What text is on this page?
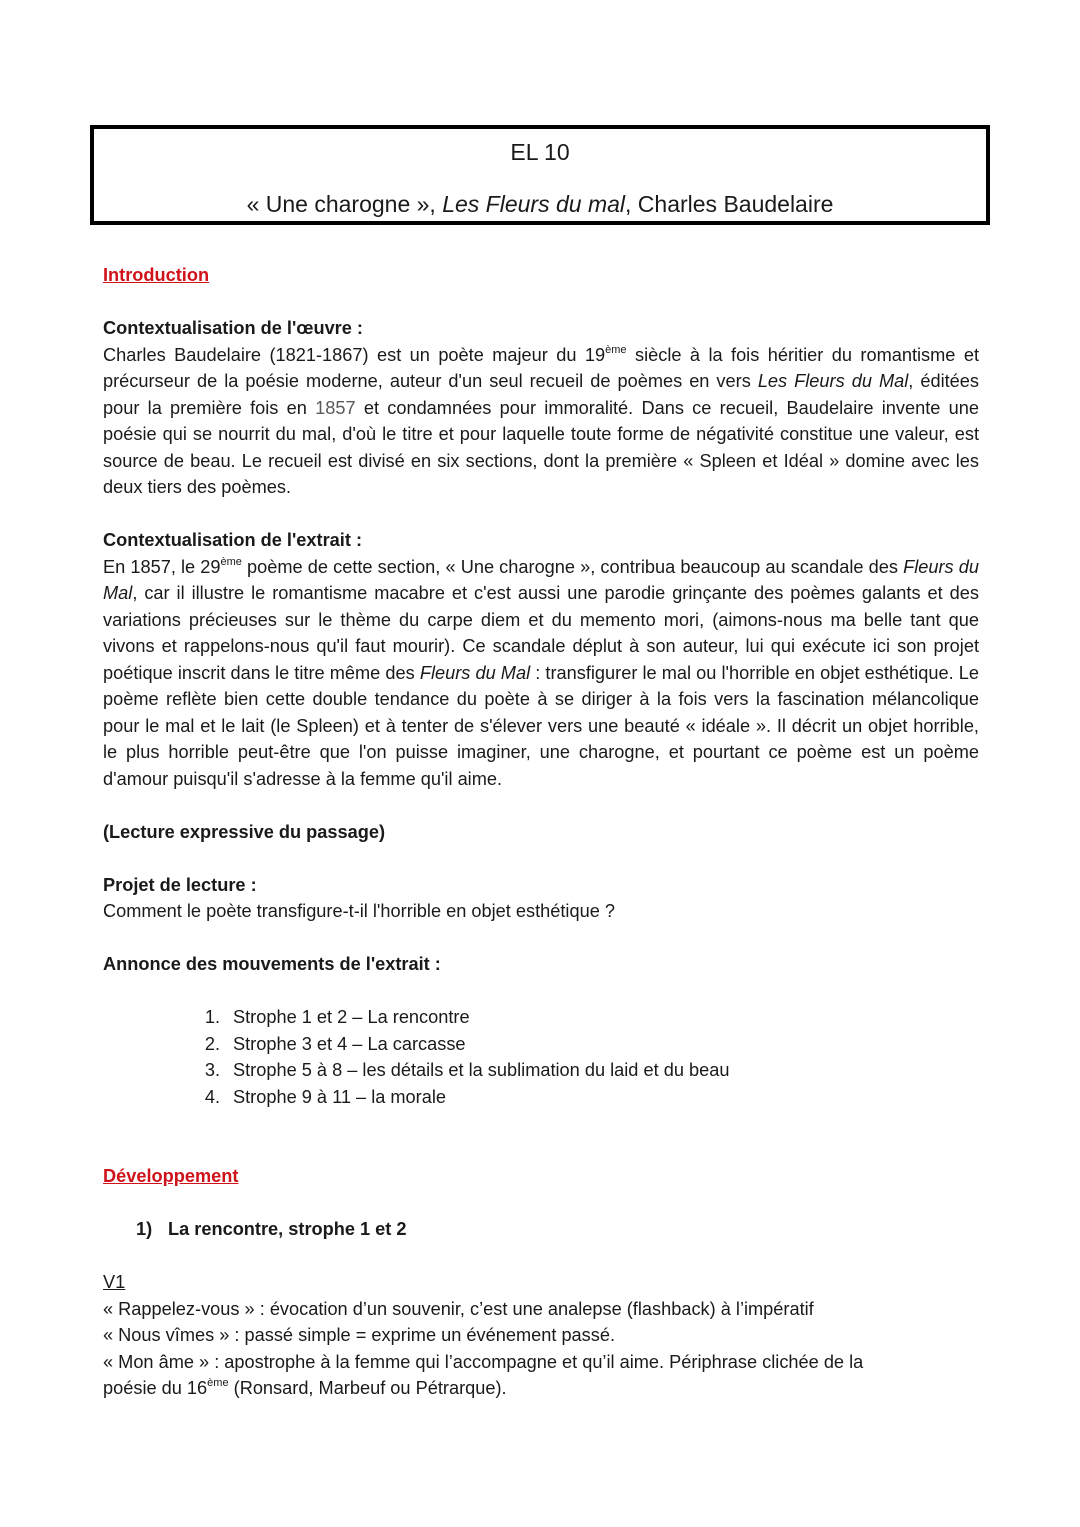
EL 10
« Une charogne », Les Fleurs du mal, Charles Baudelaire

Introduction

Contextualisation de l'œuvre :

Charles Baudelaire (1821-1867) est un poète majeur du 19ème siècle à la fois héritier du romantisme et précurseur de la poésie moderne, auteur d'un seul recueil de poèmes en vers Les Fleurs du Mal, éditées pour la première fois en 1857 et condamnées pour immoralité. Dans ce recueil, Baudelaire invente une poésie qui se nourrit du mal, d'où le titre et pour laquelle toute forme de négativité constitue une valeur, est source de beau. Le recueil est divisé en six sections, dont la première « Spleen et Idéal » domine avec les deux tiers des poèmes.

Contextualisation de l'extrait :

En 1857, le 29ème poème de cette section, « Une charogne », contribua beaucoup au scandale des Fleurs du Mal, car il illustre le romantisme macabre et c'est aussi une parodie grinçante des poèmes galants et des variations précieuses sur le thème du carpe diem et du memento mori, (aimons-nous ma belle tant que vivons et rappelons-nous qu'il faut mourir). Ce scandale déplut à son auteur, lui qui exécute ici son projet poétique inscrit dans le titre même des Fleurs du Mal : transfigurer le mal ou l'horrible en objet esthétique. Le poème reflète bien cette double tendance du poète à se diriger à la fois vers la fascination mélancolique pour le mal et le lait (le Spleen) et à tenter de s'élever vers une beauté « idéale ». Il décrit un objet horrible, le plus horrible peut-être que l'on puisse imaginer, une charogne, et pourtant ce poème est un poème d'amour puisqu'il s'adresse à la femme qu'il aime.

(Lecture expressive du passage)

Projet de lecture :

Comment le poète transfigure-t-il l'horrible en objet esthétique ?

Annonce des mouvements de l'extrait :

1. Strophe 1 et 2 – La rencontre
2. Strophe 3 et 4 – La carcasse
3. Strophe 5 à 8 – les détails et la sublimation du laid et du beau
4. Strophe 9 à 11 – la morale

Développement

1) La rencontre, strophe 1 et 2

V1

« Rappelez-vous » : évocation d’un souvenir, c’est une analepse (flashback) à l’impératif

« Nous vîmes » : passé simple = exprime un événement passé.

« Mon âme » : apostrophe à la femme qui l’accompagne et qu’il aime. Périphrase clichée de la

poésie du 16ème (Ronsard, Marbeuf ou Pétrarque).
